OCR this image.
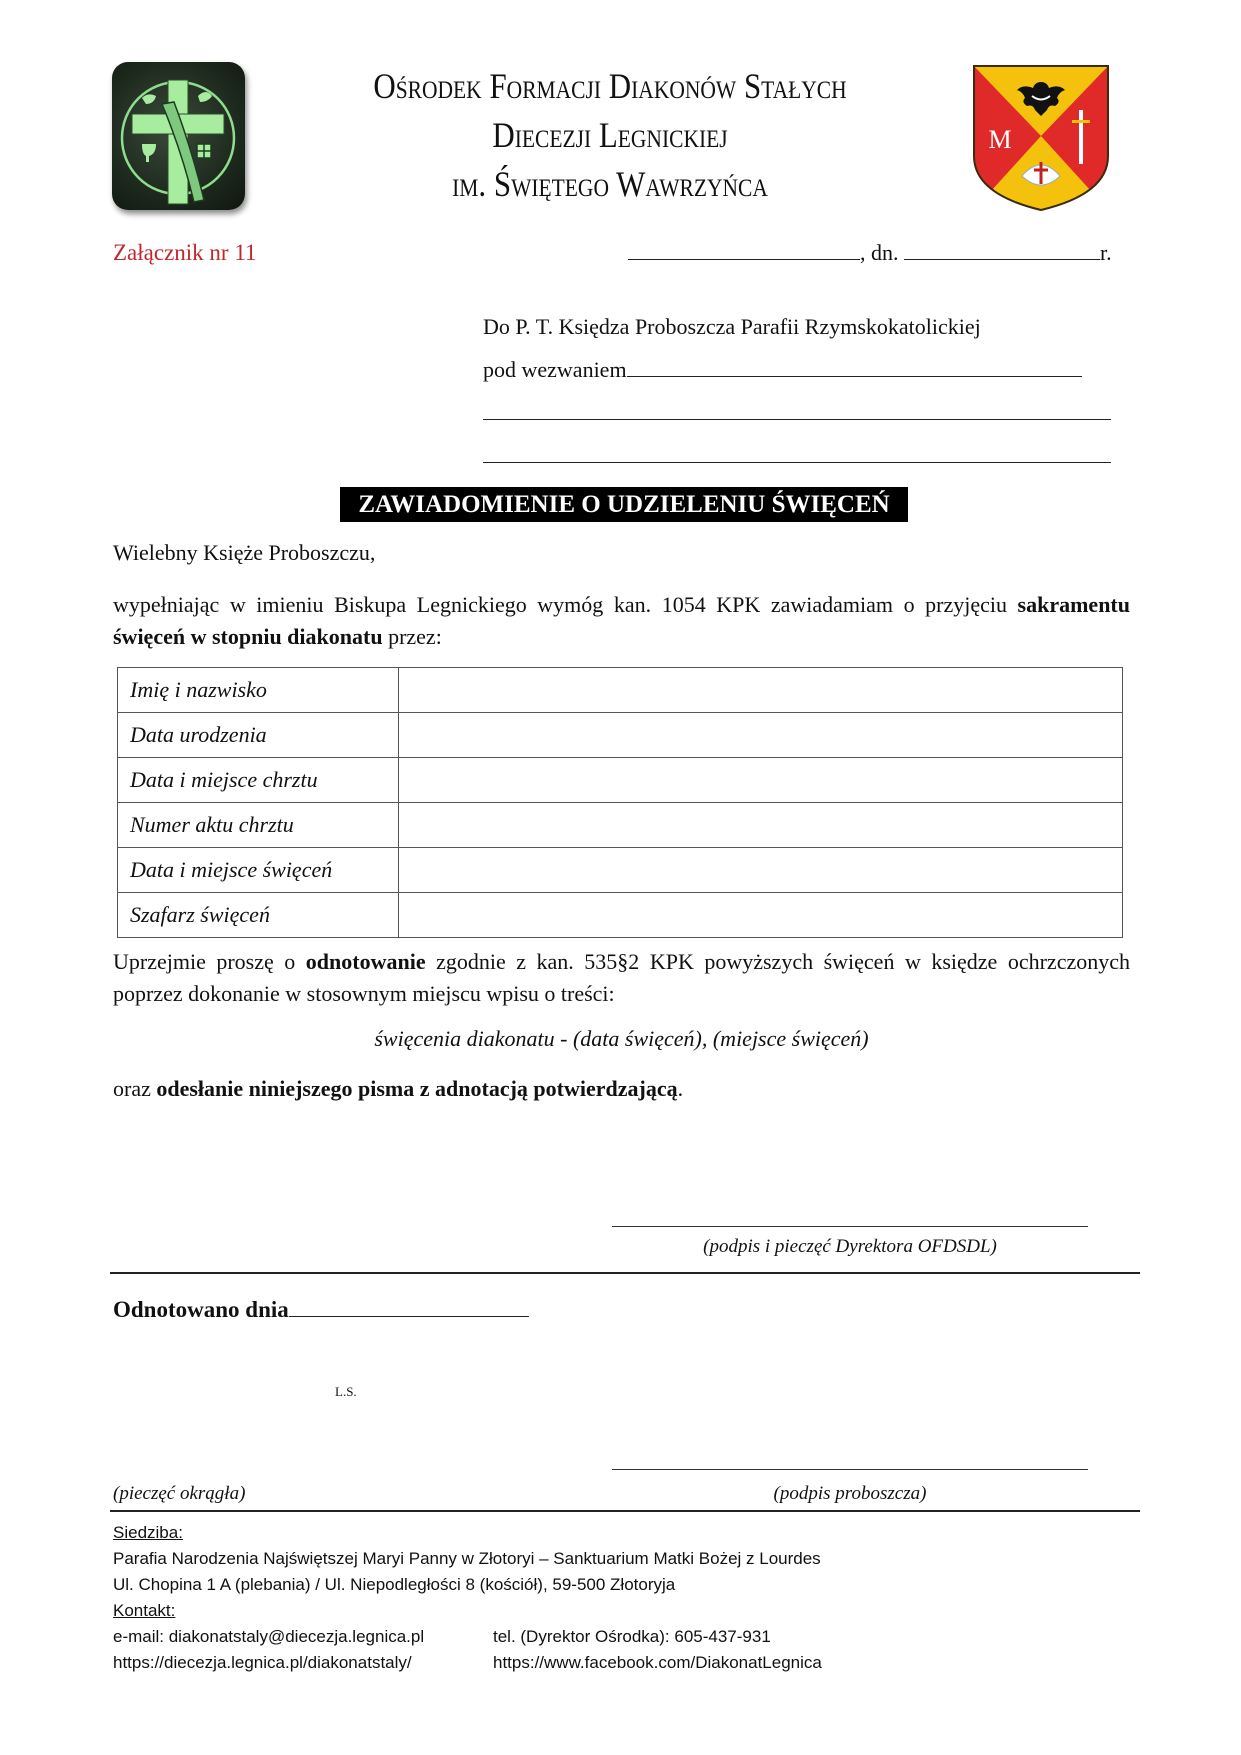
Ośrodek Formacji Diakonów Stałych
Diecezji Legnickiej
im. Świętego Wawrzyńca
M
Załącznik nr 11	, dn.	r.
Do P. T. Księdza Proboszcza Parafii Rzymskokatolickiej
pod wezwaniem
ZAWIADOMIENIE O UDZIELENIU ŚWIĘCEŃ
Wielebny Księże Proboszczu,
wypełniając w imieniu Biskupa Legnickiego wymóg kan. 1054 KPK zawiadamiam o przyjęciu sakramentu święceń w stopniu diakonatu przez:
Imię i nazwisko	
Data urodzenia	
Data i miejsce chrztu	
Numer aktu chrztu	
Data i miejsce święceń	
Szafarz święceń	
Uprzejmie proszę o odnotowanie zgodnie z kan. 535§2 KPK powyższych święceń w księdze ochrzczonych poprzez dokonanie w stosownym miejscu wpisu o treści:
święcenia diakonatu - (data święceń), (miejsce święceń)
oraz odesłanie niniejszego pisma z adnotacją potwierdzającą.
(podpis i pieczęć Dyrektora OFDSDL)
Odnotowano dnia
L.S.
(pieczęć okrągła)	(podpis proboszcza)
Siedziba:
Parafia Narodzenia Najświętszej Maryi Panny w Złotoryi – Sanktuarium Matki Bożej z Lourdes
Ul. Chopina 1 A (plebania) / Ul. Niepodległości 8 (kościół), 59-500 Złotoryja
Kontakt:
e-mail: diakonatstaly@diecezja.legnica.pl	tel. (Dyrektor Ośrodka): 605-437-931
https://diecezja.legnica.pl/diakonatstaly/	https://www.facebook.com/DiakonatLegnica
